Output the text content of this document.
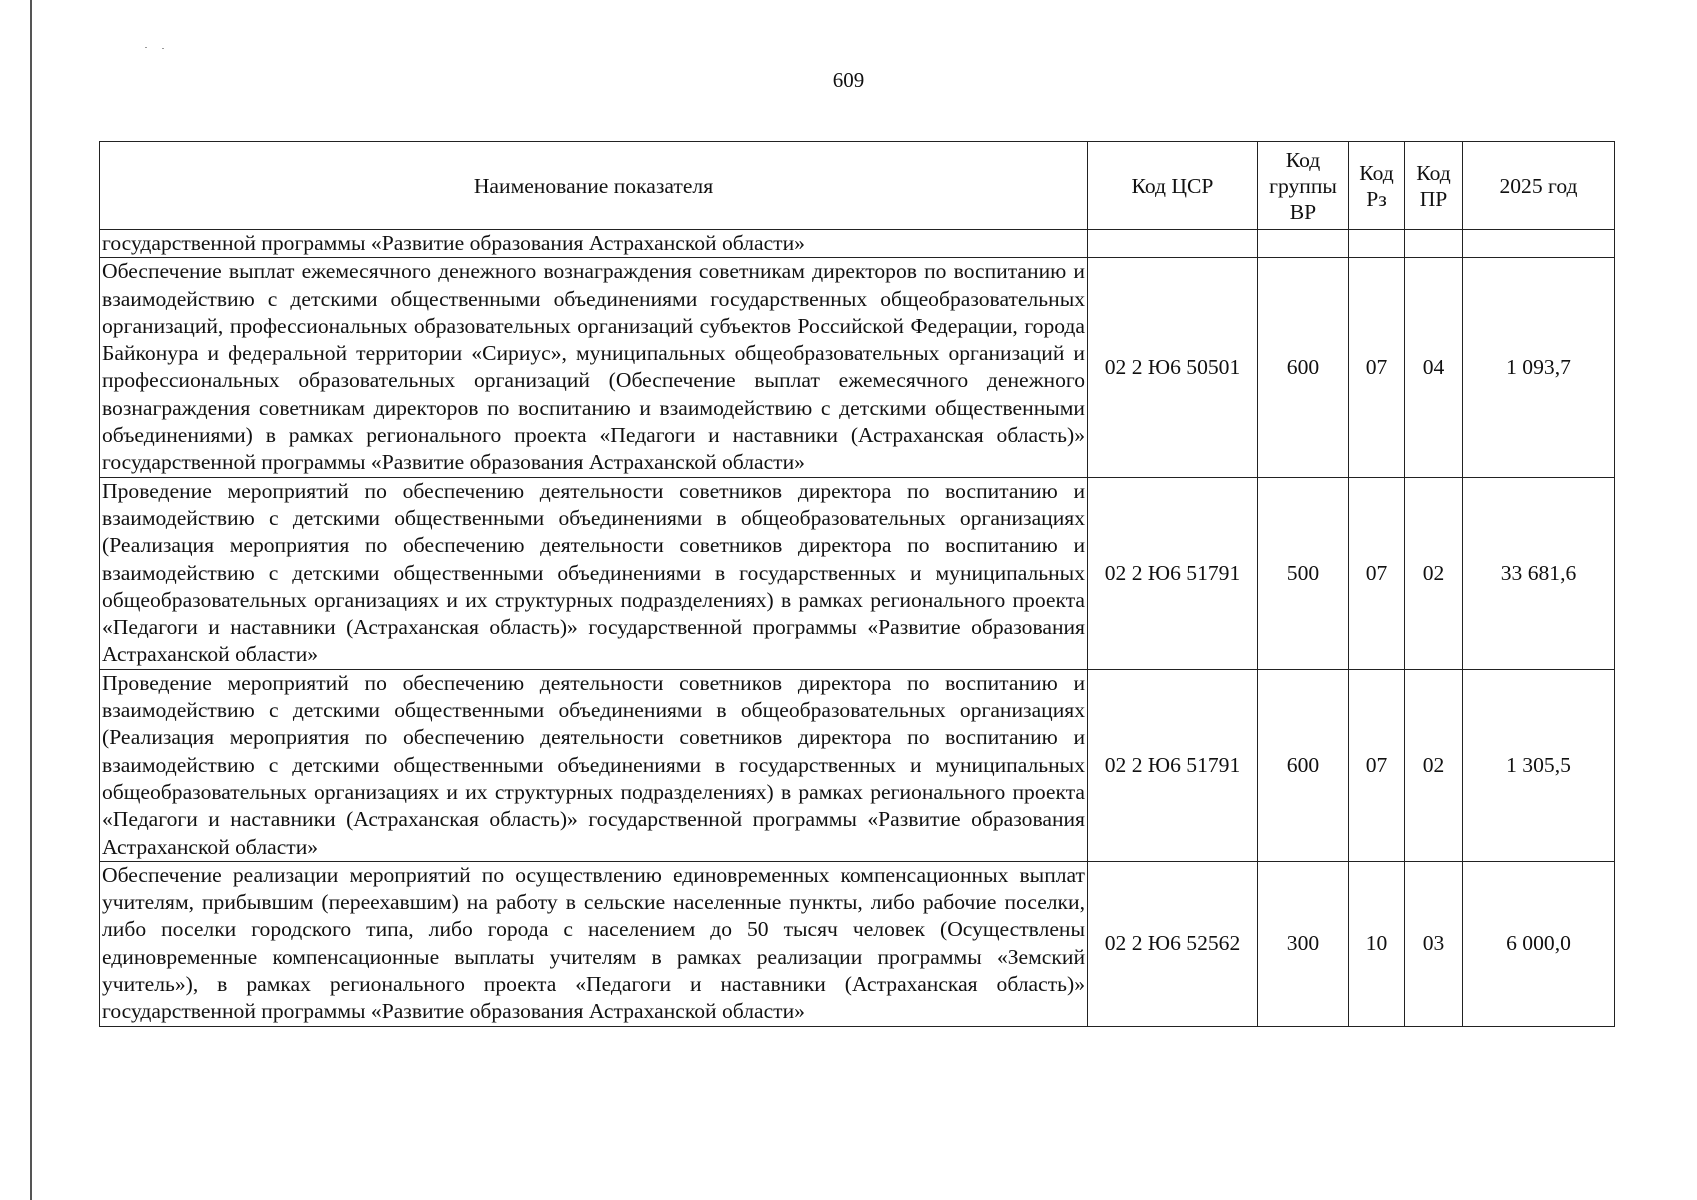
609
Наименование показателя	Код ЦСР	Код группы ВР	Код Рз	Код ПР	2025 год
государственной программы «Развитие образования Астраханской области»					
Обеспечение выплат ежемесячного денежного вознаграждения советникам директоров по воспитанию и взаимодействию с детскими общественными объединениями государственных общеобразовательных организаций, профессиональных образовательных организаций субъектов Российской Федерации, города Байконура и федеральной территории «Сириус», муниципальных общеобразовательных организаций и профессиональных образовательных организаций (Обеспечение выплат ежемесячного денежного вознаграждения советникам директоров по воспитанию и взаимодействию с детскими общественными объединениями) в рамках регионального проекта «Педагоги и наставники (Астраханская область)» государственной программы «Развитие образования Астраханской области»	02 2 Ю6 50501	600	07	04	1 093,7
Проведение мероприятий по обеспечению деятельности советников директора по воспитанию и взаимодействию с детскими общественными объединениями в общеобразовательных организациях (Реализация мероприятия по обеспечению деятельности советников директора по воспитанию и взаимодействию с детскими общественными объединениями в государственных и муниципальных общеобразовательных организациях и их структурных подразделениях) в рамках регионального проекта «Педагоги и наставники (Астраханская область)» государственной программы «Развитие образования Астраханской области»	02 2 Ю6 51791	500	07	02	33 681,6
Проведение мероприятий по обеспечению деятельности советников директора по воспитанию и взаимодействию с детскими общественными объединениями в общеобразовательных организациях (Реализация мероприятия по обеспечению деятельности советников директора по воспитанию и взаимодействию с детскими общественными объединениями в государственных и муниципальных общеобразовательных организациях и их структурных подразделениях) в рамках регионального проекта «Педагоги и наставники (Астраханская область)» государственной программы «Развитие образования Астраханской области»	02 2 Ю6 51791	600	07	02	1 305,5
Обеспечение реализации мероприятий по осуществлению единовременных компенсационных выплат учителям, прибывшим (переехавшим) на работу в сельские населенные пункты, либо рабочие поселки, либо поселки городского типа, либо города с населением до 50 тысяч человек (Осуществлены единовременные компенсационные выплаты учителям в рамках реализации программы «Земский учитель»), в рамках регионального проекта «Педагоги и наставники (Астраханская область)» государственной программы «Развитие образования Астраханской области»	02 2 Ю6 52562	300	10	03	6 000,0
